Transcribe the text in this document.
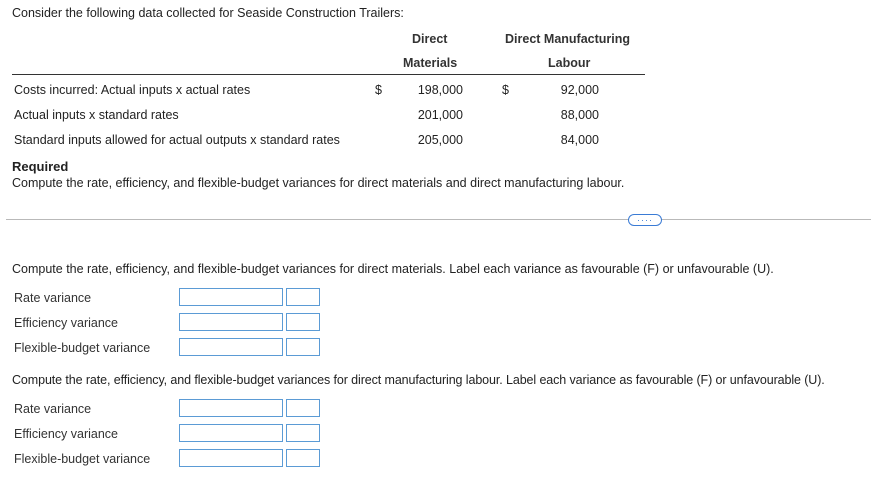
Consider the following data collected for Seaside Construction Trailers:
Direct
Materials
Direct Manufacturing
Labour
Costs incurred: Actual inputs x actual rates	$	198,000	$	92,000
Actual inputs x standard rates	201,000	88,000
Standard inputs allowed for actual outputs x standard rates	205,000	84,000
Required
Compute the rate, efficiency, and flexible-budget variances for direct materials and direct manufacturing labour.
····
Compute the rate, efficiency, and flexible-budget variances for direct materials. Label each variance as favourable (F) or unfavourable (U).
Rate variance
Efficiency variance
Flexible-budget variance
Compute the rate, efficiency, and flexible-budget variances for direct manufacturing labour. Label each variance as favourable (F) or unfavourable (U).
Rate variance
Efficiency variance
Flexible-budget variance
